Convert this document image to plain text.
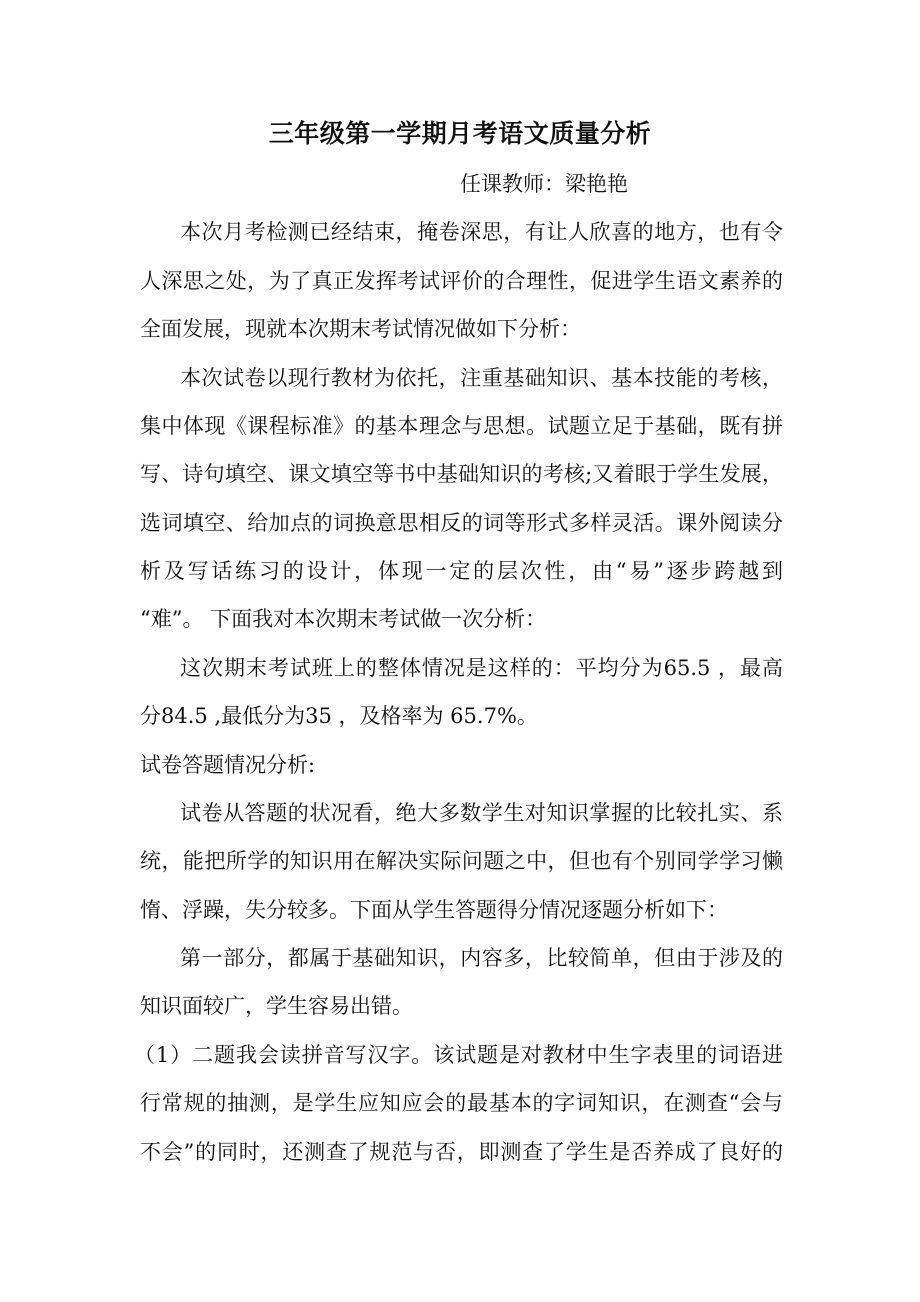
三年级第一学期月考语文质量分析
任课教师：梁艳艳
本次月考检测已经结束，掩卷深思，有让人欣喜的地方，也有令
人深思之处，为了真正发挥考试评价的合理性，促进学生语文素养的
全面发展，现就本次期末考试情况做如下分析：
本次试卷以现行教材为依托，注重基础知识、基本技能的考核，
集中体现《课程标准》的基本理念与思想。试题立足于基础，既有拼
写、诗句填空、课文填空等书中基础知识的考核;又着眼于学生发展，
选词填空、给加点的词换意思相反的词等形式多样灵活。课外阅读分
析及写话练习的设计，体现一定的层次性，由“易”逐步跨越到
“难”。 下面我对本次期末考试做一次分析：
这次期末考试班上的整体情况是这样的：平均分为65.5 ，最高
分84.5 ,最低分为35 ，及格率为 65.7%。
试卷答题情况分析:
试卷从答题的状况看，绝大多数学生对知识掌握的比较扎实、系
统，能把所学的知识用在解决实际问题之中，但也有个别同学学习懒
惰、浮躁，失分较多。下面从学生答题得分情况逐题分析如下：
第一部分，都属于基础知识，内容多，比较简单，但由于涉及的
知识面较广，学生容易出错。
（1）二题我会读拼音写汉字。该试题是对教材中生字表里的词语进
行常规的抽测，是学生应知应会的最基本的字词知识，在测查“会与
不会”的同时，还测查了规范与否，即测查了学生是否养成了良好的
